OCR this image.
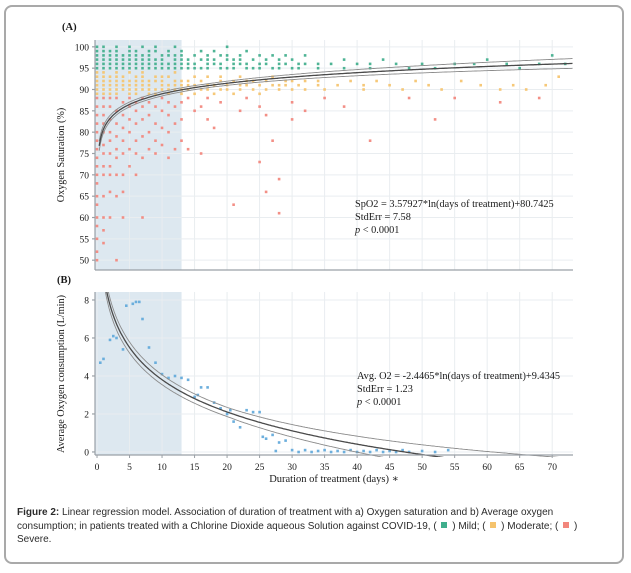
50
55
60
65
70
75
80
85
90
95
100
SpO2 = 3.57927*ln(days of treatment)+80.7425
StdErr = 7.58
p < 0.0001
Oxygen Saturation (%)
0
2
4
6
8
0	5	10 15 20 25 30 35 40 45 50 55 60 65 70
Avg. O2 = -2.4465*ln(days of treatment)+9.4345
StdErr = 1.23
p < 0.0001
Average Oxygen consumption (L/min)
Duration of treatment (days) ∗
(A)
(B)
Figure 2: Linear regression model. Association of duration of treatment with a) Oxygen saturation and b) Average oxygen consumption; in patients treated with a Chlorine Dioxide aqueous Solution against COVID-19, (  ) Mild; (  ) Moderate; (  ) Severe.
